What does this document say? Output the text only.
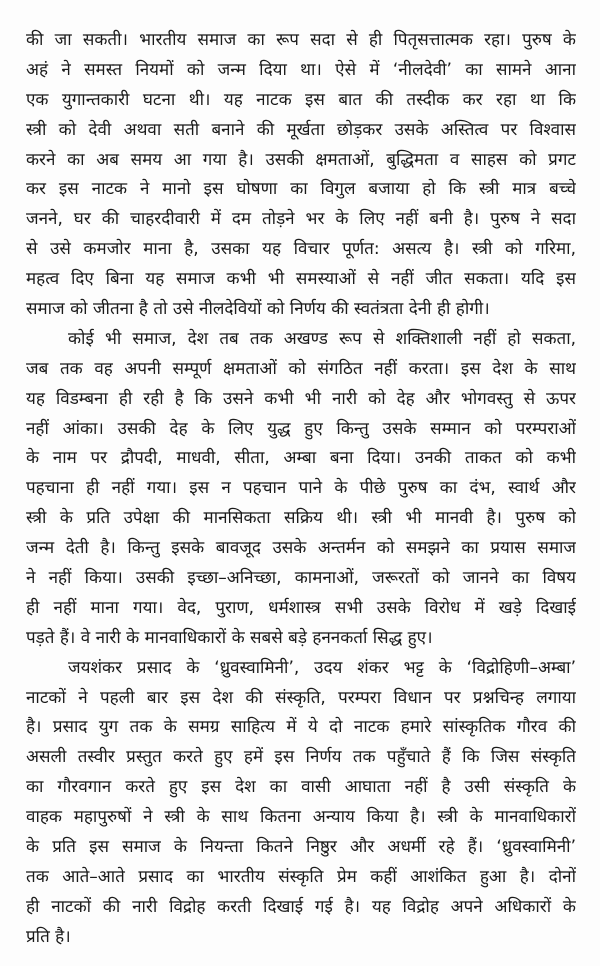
की जा सकती। भारतीय समाज का रूप सदा से ही पितृसत्तात्मक रहा। पुरुष के
अहं ने समस्त नियमों को जन्म दिया था। ऐसे में ‘नीलदेवी’ का सामने आना
एक युगान्तकारी घटना थी। यह नाटक इस बात की तस्दीक कर रहा था कि
स्त्री को देवी अथवा सती बनाने की मूर्खता छोड़कर उसके अस्तित्व पर विश्वास
करने का अब समय आ गया है। उसकी क्षमताओं, बुद्धिमता व साहस को प्रगट
कर इस नाटक ने मानो इस घोषणा का विगुल बजाया हो कि स्त्री मात्र बच्चे
जनने, घर की चाहरदीवारी में दम तोड़ने भर के लिए नहीं बनी है। पुरुष ने सदा
से उसे कमजोर माना है, उसका यह विचार पूर्णत: असत्य है। स्त्री को गरिमा,
महत्व दिए बिना यह समाज कभी भी समस्याओं से नहीं जीत सकता। यदि इस
समाज को जीतना है तो उसे नीलदेवियों को निर्णय की स्वतंत्रता देनी ही होगी।
कोई भी समाज, देश तब तक अखण्ड रूप से शक्तिशाली नहीं हो सकता,
जब तक वह अपनी सम्पूर्ण क्षमताओं को संगठित नहीं करता। इस देश के साथ
यह विडम्बना ही रही है कि उसने कभी भी नारी को देह और भोगवस्तु से ऊपर
नहीं आंका। उसकी देह के लिए युद्ध हुए किन्तु उसके सम्मान को परम्पराओं
के नाम पर द्रौपदी, माधवी, सीता, अम्बा बना दिया। उनकी ताकत को कभी
पहचाना ही नहीं गया। इस न पहचान पाने के पीछे पुरुष का दंभ, स्वार्थ और
स्त्री के प्रति उपेक्षा की मानसिकता सक्रिय थी। स्त्री भी मानवी है। पुरुष को
जन्म देती है। किन्तु इसके बावजूद उसके अन्तर्मन को समझने का प्रयास समाज
ने नहीं किया। उसकी इच्छा–अनिच्छा, कामनाओं, जरूरतों को जानने का विषय
ही नहीं माना गया। वेद, पुराण, धर्मशास्त्र सभी उसके विरोध में खड़े दिखाई
पड़ते हैं। वे नारी के मानवाधिकारों के सबसे बड़े हननकर्ता सिद्ध हुए।
जयशंकर प्रसाद के ‘ध्रुवस्वामिनी’, उदय शंकर भट्ट के ‘विद्रोहिणी–अम्बा’
नाटकों ने पहली बार इस देश की संस्कृति, परम्परा विधान पर प्रश्नचिन्ह लगाया
है। प्रसाद युग तक के समग्र साहित्य में ये दो नाटक हमारे सांस्कृतिक गौरव की
असली तस्वीर प्रस्तुत करते हुए हमें इस निर्णय तक पहुँचाते हैं कि जिस संस्कृति
का गौरवगान करते हुए इस देश का वासी आघाता नहीं है उसी संस्कृति के
वाहक महापुरुषों ने स्त्री के साथ कितना अन्याय किया है। स्त्री के मानवाधिकारों
के प्रति इस समाज के नियन्ता कितने निष्ठुर और अधर्मी रहे हैं। ‘ध्रुवस्वामिनी’
तक आते–आते प्रसाद का भारतीय संस्कृति प्रेम कहीं आशंकित हुआ है। दोनों
ही नाटकों की नारी विद्रोह करती दिखाई गई है। यह विद्रोह अपने अधिकारों के
प्रति है।
